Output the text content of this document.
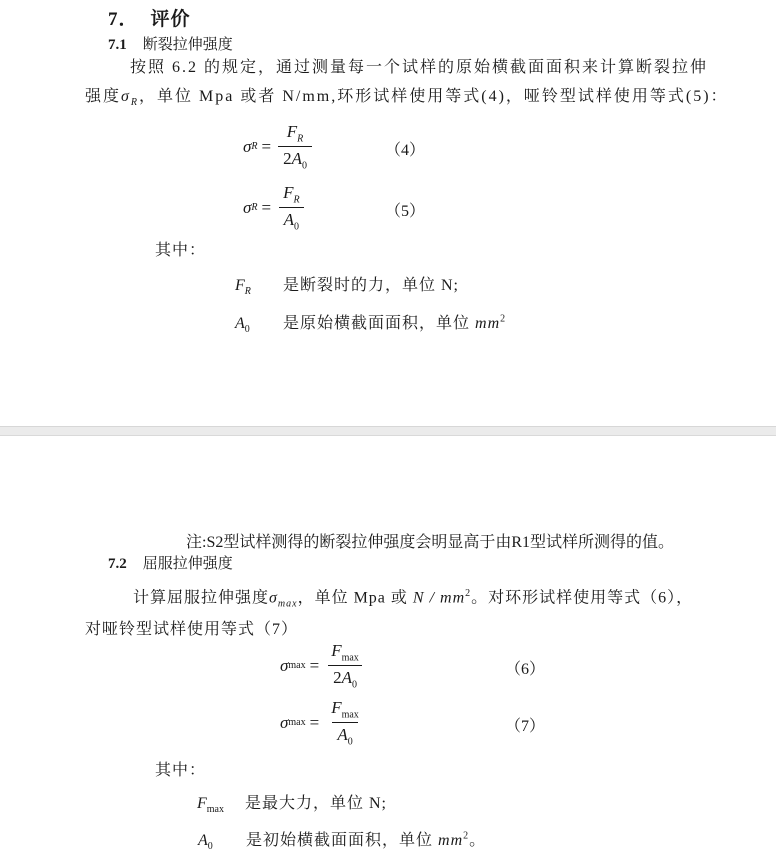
7． 评价
7.1 断裂拉伸强度
按照 6.2 的规定，通过测量每一个试样的原始横截面面积来计算断裂拉伸
强度$\sigma_R$，单位 Mpa 或者 N/mm,环形试样使用等式(4)，哑铃型试样使用等式(5)：
σ $R = \frac{F_R}{2A_0}$	（4）
σ $R = \frac{F_R}{A_0}$	（5）
其中：
$F_R$ 是断裂时的力，单位 N;
$A_0$ 是原始横截面面积，单位 $mm^2$
注:S2型试样测得的断裂拉伸强度会明显高于由R1型试样所测得的值。
7.2 屈服拉伸强度
计算屈服拉伸强度$\sigma_{max}$，单位 Mpa 或 N / $mm^2$。对环形试样使用等式（6），
对哑铃型试样使用等式（7）
σ $\max = \frac{F_{max}}{2A_0}$	（6）
σ $\max = \frac{F_{max}}{A_0}$	（7）
其中：
$F_{max}$ 是最大力，单位 N;
$A_0$ 是初始横截面面积，单位 $mm^2$。
